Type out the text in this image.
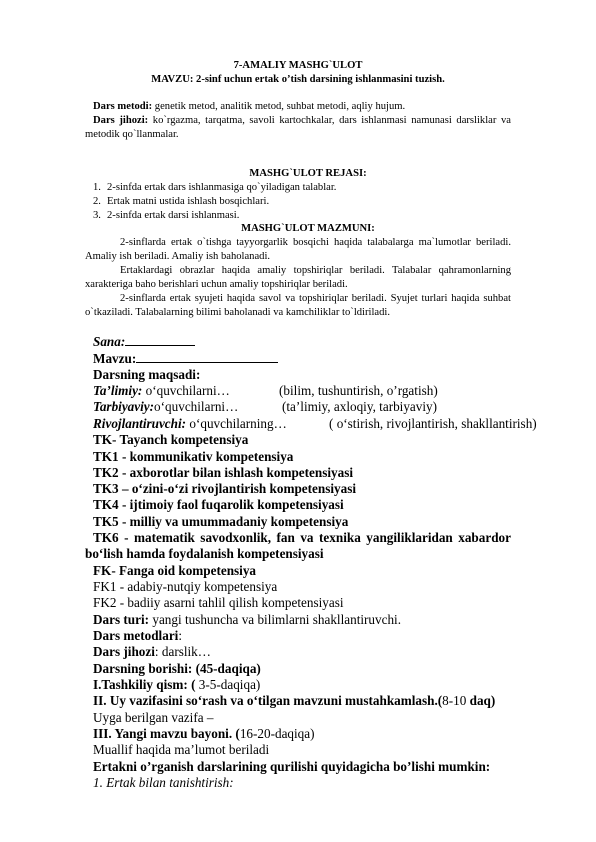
7-AMALIY MASHG`ULOT
MAVZU: 2-sinf uchun ertak o’tish darsining ishlanmasini tuzish.
Dars metodi: genetik metod, analitik metod, suhbat metodi, aqliy hujum.
Dars jihozi: ko`rgazma, tarqatma, savoli kartochkalar, dars ishlanmasi namunasi darsliklar va
metodik qo`llanmalar.
MASHG`ULOT REJASI:
1. 2-sinfda ertak dars ishlanmasiga qo`yiladigan talablar.
2. Ertak matni ustida ishlash bosqichlari.
3. 2-sinfda ertak darsi ishlanmasi.
MASHG`ULOT MAZMUNI:
2-sinflarda ertak o`tishga tayyorgarlik bosqichi haqida talabalarga ma`lumotlar beriladi.
Amaliy ish beriladi. Amaliy ish baholanadi.
Ertaklardagi obrazlar haqida amaliy topshiriqlar beriladi. Talabalar qahramonlarning
xarakteriga baho berishlari uchun amaliy topshiriqlar beriladi.
2-sinflarda ertak syujeti haqida savol va topshiriqlar beriladi. Syujet turlari haqida suhbat
o`tkaziladi. Talabalarning bilimi baholanadi va kamchiliklar to`ldiriladi.
Sana:
Mavzu:
Darsning maqsadi:
Ta’limiy: o‘quvchilarni…	(bilim, tushuntirish, o’rgatish)
Tarbiyaviy:o‘quvchilarni…	(ta’limiy, axloqiy, tarbiyaviy)
Rivojlantiruvchi: o‘quvchilarning…	( o‘stirish, rivojlantirish, shakllantirish)
TK- Tayanch kompetensiya
TK1 - kommunikativ kompetensiya
TK2 - axborotlar bilan ishlash kompetensiyasi
TK3 – o‘zini-o‘zi rivojlantirish kompetensiyasi
TK4 - ijtimoiy faol fuqarolik kompetensiyasi
TK5 - milliy va umummadaniy kompetensiya
TK6 - matematik savodxonlik, fan va texnika yangiliklaridan xabardor
bo‘lish hamda foydalanish kompetensiyasi
FK- Fanga oid kompetensiya
FK1 - adabiy-nutqiy kompetensiya
FK2 - badiiy asarni tahlil qilish kompetensiyasi
Dars turi: yangi tushuncha va bilimlarni shakllantiruvchi.
Dars metodlari:
Dars jihozi: darslik…
Darsning borishi: (45-daqiqa)
I.Tashkiliy qism: ( 3-5-daqiqa)
II. Uy vazifasini so‘rash va o‘tilgan mavzuni mustahkamlash.(8-10 daq)
Uyga berilgan vazifa –
III. Yangi mavzu bayoni. (16-20-daqiqa)
Muallif haqida ma’lumot beriladi
Ertakni o’rganish darslarining qurilishi quyidagicha bo’lishi mumkin:
1. Ertak bilan tanishtirish:
